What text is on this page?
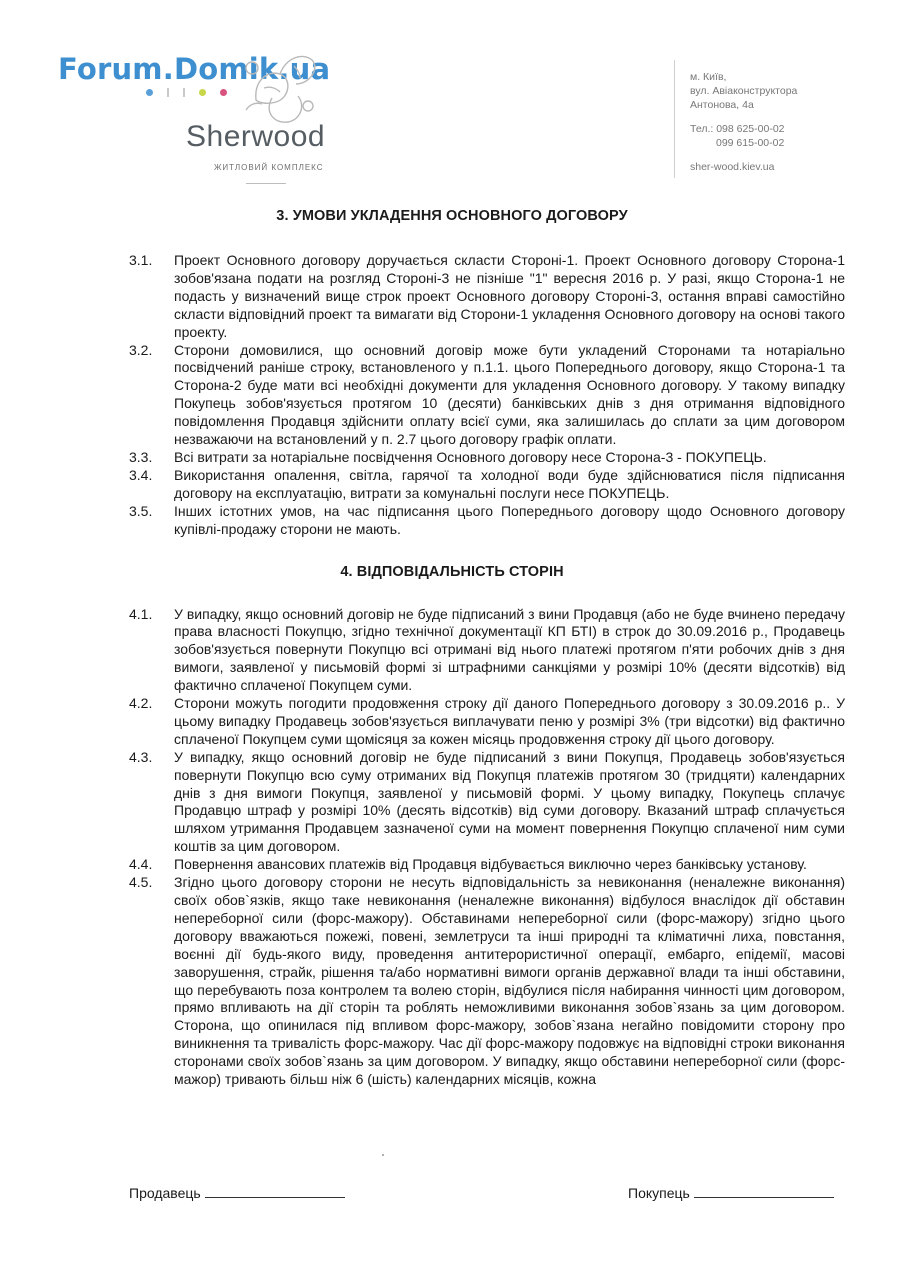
Forum.Domik.ua
Sherwood
ЖИТЛОВИЙ КОМПЛЕКС
м. Київ,
вул. Авіаконструктора
Антонова, 4а
Тел.: 098 625-00-02
099 615-00-02
sher-wood.kiev.ua
3. УМОВИ УКЛАДЕННЯ ОСНОВНОГО ДОГОВОРУ
3.1.	Проект Основного договору доручається скласти Стороні-1. Проект Основного договору Сторона-1 зобов'язана подати на розгляд Стороні-3 не пізніше "1" вересня 2016 р. У разі, якщо Сторона-1 не подасть у визначений вище строк проект Основного договору Стороні-3, остання вправі самостійно скласти відповідний проект та вимагати від Сторони-1 укладення Основного договору на основі такого проекту.
3.2.	Сторони домовилися, що основний договір може бути укладений Сторонами та нотаріально посвідчений раніше строку, встановленого у п.1.1. цього Попереднього договору, якщо Сторона-1 та Сторона-2 буде мати всі необхідні документи для укладення Основного договору. У такому випадку Покупець зобов'язується протягом 10 (десяти) банківських днів з дня отримання відповідного повідомлення Продавця здійснити оплату всієї суми, яка залишилась до сплати за цим договором незважаючи на встановлений у п. 2.7 цього договору графік оплати.
3.3.	Всі витрати за нотаріальне посвідчення Основного договору несе Сторона-3 - ПОКУПЕЦЬ.
3.4.	Використання опалення, світла, гарячої та холодної води буде здійснюватися після підписання договору на експлуатацію, витрати за комунальні послуги несе ПОКУПЕЦЬ.
3.5.	Інших істотних умов, на час підписання цього Попереднього договору щодо Основного договору купівлі-продажу сторони не мають.
4. ВІДПОВІДАЛЬНІСТЬ СТОРІН
4.1.	У випадку, якщо основний договір не буде підписаний з вини Продавця (або не буде вчинено передачу права власності Покупцю, згідно технічної документації КП БТІ) в строк до 30.09.2016 р., Продавець зобов'язується повернути Покупцю всі отримані від нього платежі протягом п'яти робочих днів з дня вимоги, заявленої у письмовій формі зі штрафними санкціями у розмірі 10% (десяти відсотків) від фактично сплаченої Покупцем суми.
4.2.	Сторони можуть погодити продовження строку дії даного Попереднього договору з 30.09.2016 р.. У цьому випадку Продавець зобов'язується виплачувати пеню у розмірі 3% (три відсотки) від фактично сплаченої Покупцем суми щомісяця за кожен місяць продовження строку дії цього договору.
4.3.	У випадку, якщо основний договір не буде підписаний з вини Покупця, Продавець зобов'язується повернути Покупцю всю суму отриманих від Покупця платежів протягом 30 (тридцяти) календарних днів з дня вимоги Покупця, заявленої у письмовій формі. У цьому випадку, Покупець сплачує Продавцю штраф у розмірі 10% (десять відсотків) від суми договору. Вказаний штраф сплачується шляхом утримання Продавцем зазначеної суми на момент повернення Покупцю сплаченої ним суми коштів за цим договором.
4.4.	Повернення авансових платежів від Продавця відбувається виключно через банківську установу.
4.5.	Згідно цього договору сторони не несуть відповідальність за невиконання (неналежне виконання) своїх обов`язків, якщо таке невиконання (неналежне виконання) відбулося внаслідок дії обставин непереборної сили (форс-мажору). Обставинами непереборної сили (форс-мажору) згідно цього договору вважаються пожежі, повені, землетруси та інші природні та кліматичні лиха, повстання, воєнні дії будь-якого виду, проведення антитерористичної операції, ембарго, епідемії, масові заворушення, страйк, рішення та/або нормативні вимоги органів державної влади та інші обставини, що перебувають поза контролем та волею сторін, відбулися після набирання чинності цим договором, прямо впливають на дії сторін та роблять неможливими виконання зобов`язань за цим договором. Сторона, що опинилася під впливом форс-мажору, зобов`язана негайно повідомити сторону про виникнення та тривалість форс-мажору. Час дії форс-мажору подовжує на відповідні строки виконання сторонами своїх зобов`язань за цим договором. У випадку, якщо обставини непереборної сили (форс-мажор) тривають більш ніж 6 (шість) календарних місяців, кожна
Продавець	Покупець
